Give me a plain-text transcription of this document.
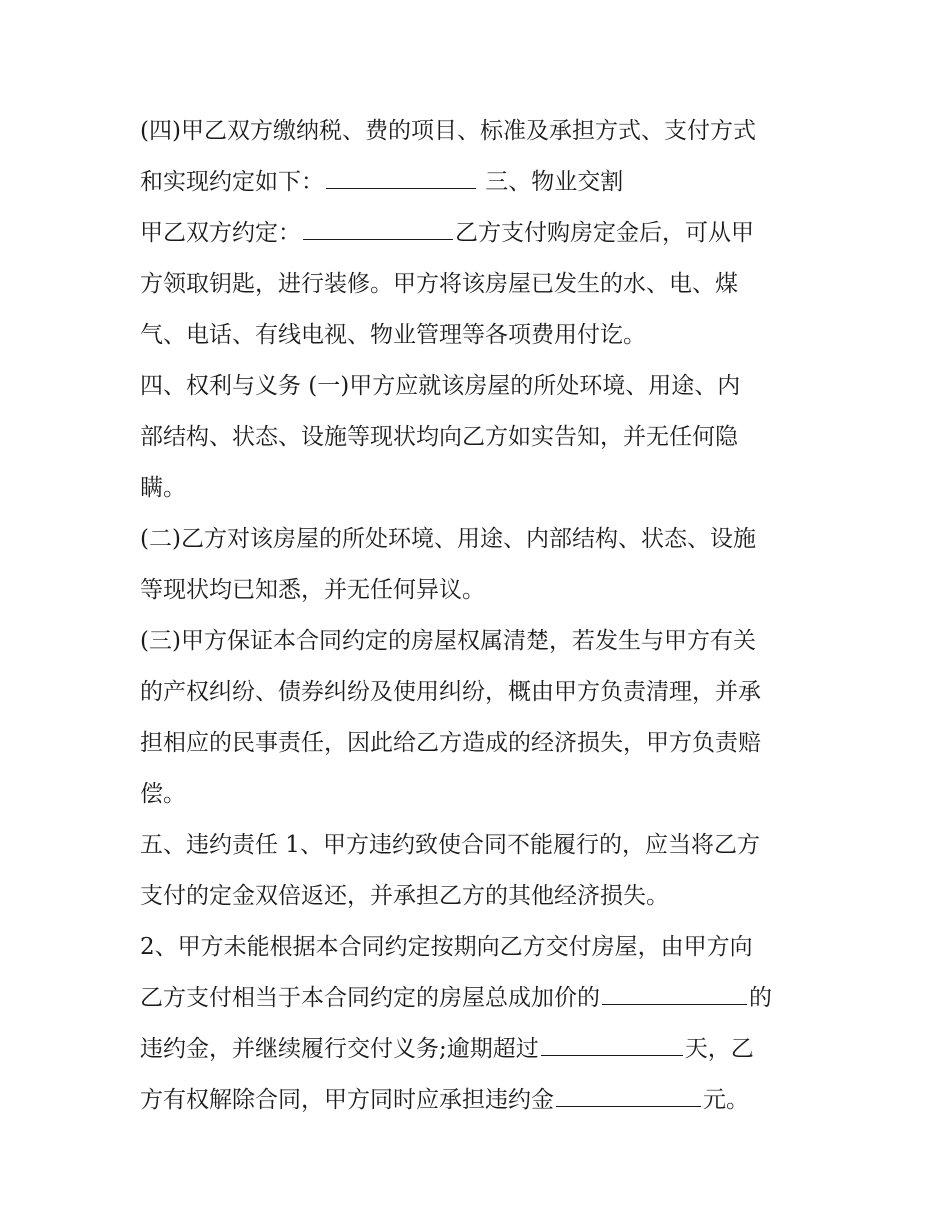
(四)甲乙双方缴纳税、费的项目、标准及承担方式、支付方式
和实现约定如下：	三、物业交割
甲乙双方约定：	乙方支付购房定金后，可从甲
方领取钥匙，进行装修。甲方将该房屋已发生的水、电、煤
气、电话、有线电视、物业管理等各项费用付讫。
四、权利与义务 (一)甲方应就该房屋的所处环境、用途、内
部结构、状态、设施等现状均向乙方如实告知，并无任何隐
瞒。
(二)乙方对该房屋的所处环境、用途、内部结构、状态、设施
等现状均已知悉，并无任何异议。
(三)甲方保证本合同约定的房屋权属清楚，若发生与甲方有关
的产权纠纷、债券纠纷及使用纠纷，概由甲方负责清理，并承
担相应的民事责任，因此给乙方造成的经济损失，甲方负责赔
偿。
五、违约责任 1、甲方违约致使合同不能履行的，应当将乙方
支付的定金双倍返还，并承担乙方的其他经济损失。
2、甲方未能根据本合同约定按期向乙方交付房屋，由甲方向
乙方支付相当于本合同约定的房屋总成加价的	的
违约金，并继续履行交付义务;逾期超过	天，乙
方有权解除合同，甲方同时应承担违约金	元。
